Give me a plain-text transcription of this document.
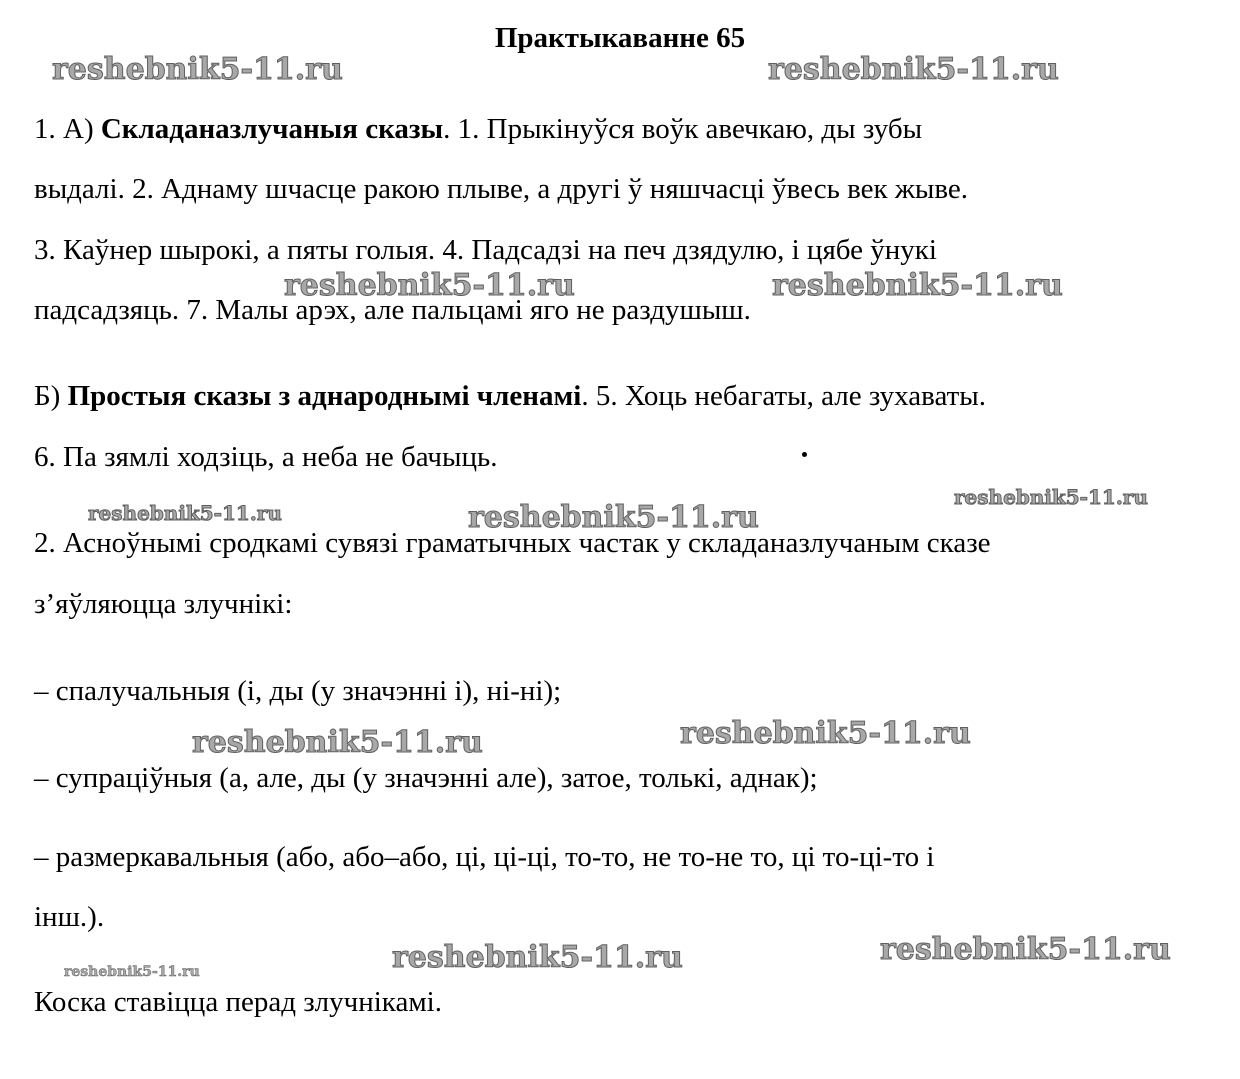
Практыкаванне 65

1. А) Складаназлучаныя сказы. 1. Прыкінуўся воўк авечкаю, ды зубы

выдалі. 2. Аднаму шчасце ракою плыве, а другі ў няшчасці ўвесь век жыве.

3. Каўнер шырокі, а пяты голыя. 4. Падсадзі на печ дзядулю, і цябе ўнукі

падсадзяць. 7. Малы арэх, але пальцамі яго не раздушыш.

Б) Простыя сказы з аднароднымі членамі. 5. Хоць небагаты, але зухаваты.

6. Па зямлі ходзіць, а неба не бачыць.

2. Асноўнымі сродкамі сувязі граматычных частак у складаназлучаным сказе

з’яўляюцца злучнікі:

– спалучальныя (і, ды (у значэнні і), ні-ні);

– супрацiўныя (а, але, ды (у значэнні але), затое, толькі, аднак);

– размеркавальныя (або, або–або, ці, ці-ці, то-то, не то-не то, ці то-ці-то і

інш.).

Коска ставіцца перад злучнікамі.

reshebnik5-11.ru	reshebnik5-11.ru
reshebnik5-11.ru	reshebnik5-11.ru
reshebnik5-11.ru
reshebnik5-11.ru	reshebnik5-11.ru
reshebnik5-11.ru	reshebnik5-11.ru
reshebnik5-11.ru
reshebnik5-11.ru
reshebnik5-11.ru
